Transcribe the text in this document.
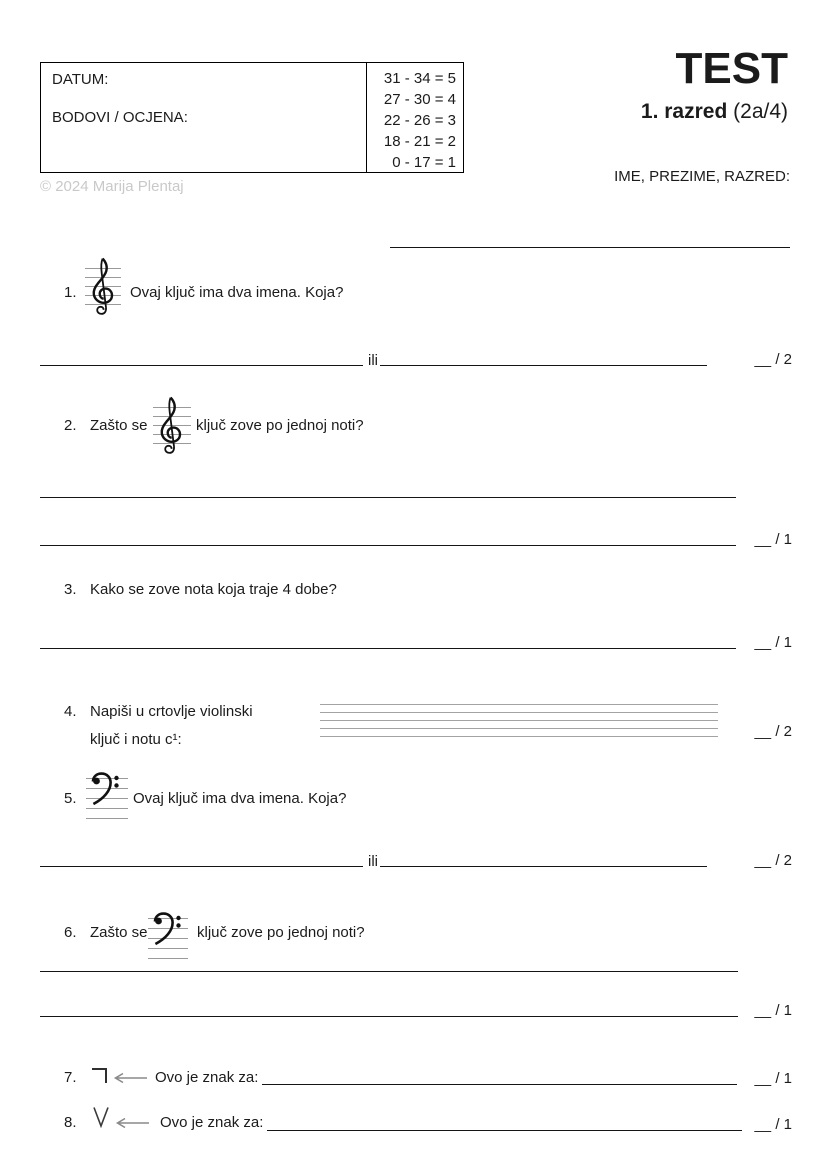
DATUM:
BODOVI / OCJENA:
31 - 34 = 5
27 - 30 = 4
22 - 26 = 3
18 - 21 = 2
0 - 17 = 1
© 2024 Marija Plentaj
TEST
1. razred (2a/4)
IME, PREZIME, RAZRED:
1.	Ovaj ključ ima dva imena. Koja?
ili	__ / 2
2. Zašto se	ključ zove po jednoj noti?
__ / 1
3. Kako se zove nota koja traje 4 dobe?
__ / 1
4. Napiši u crtovlje violinski
ključ i notu c¹:	__ / 2
5.	Ovaj ključ ima dva imena. Koja?
ili	__ / 2
6. Zašto se	ključ zove po jednoj noti?
__ / 1
7.	Ovo je znak za:	__ / 1
8.	Ovo je znak za:	__ / 1
